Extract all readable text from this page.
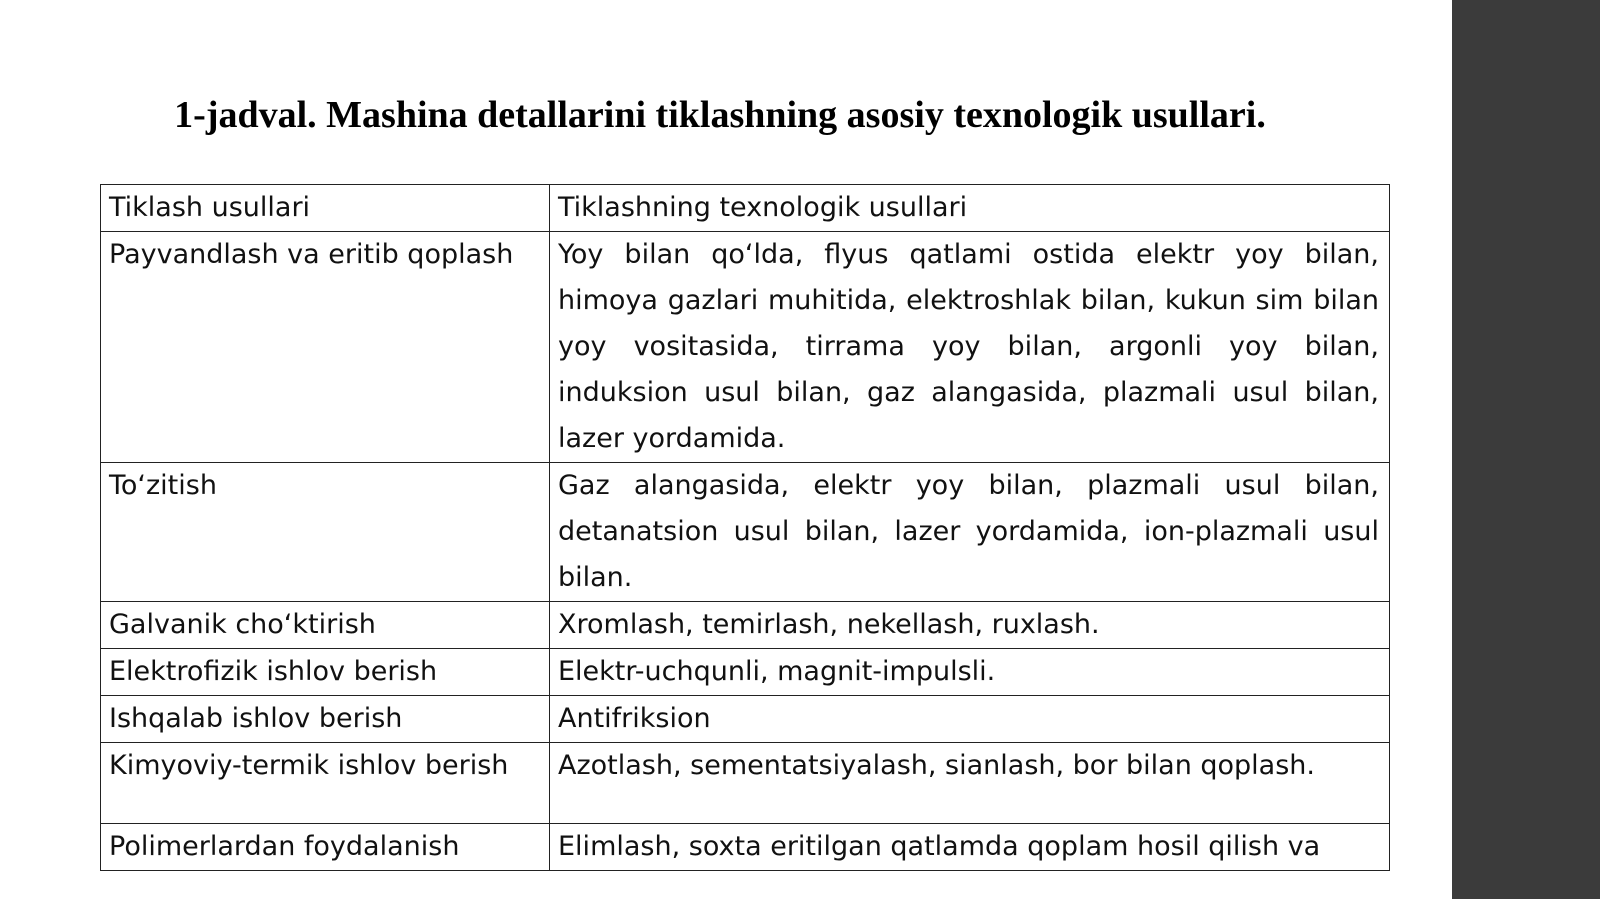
1-jadval. Mashina detallarini tiklashning asosiy texnologik usullari.
Tiklash usullari	Tiklashning texnologik usullari
Payvandlash va eritib qoplash	Yoy bilan qo‘lda, flyus qatlami ostida elektr yoy bilan, himoya gazlari muhitida, elektroshlak bilan, kukun sim bilan yoy vositasida, tirrama yoy bilan, argonli yoy bilan, induksion usul bilan, gaz alangasida, plazmali usul bilan, lazer yordamida.
To‘zitish	Gaz alangasida, elektr yoy bilan, plazmali usul bilan, detanatsion usul bilan, lazer yordamida, ion-plazmali usul bilan.
Galvanik cho‘ktirish	Xromlash, temirlash, nekellash, ruxlash.
Elektrofizik ishlov berish	Elektr-uchqunli, magnit-impulsli.
Ishqalab ishlov berish	Antifriksion
Kimyoviy-termik ishlov berish	Azotlash, sementatsiyalash, sianlash, bor bilan qoplash.
Polimerlardan foydalanish	Elimlash, soxta eritilgan qatlamda qoplam hosil qilish va
